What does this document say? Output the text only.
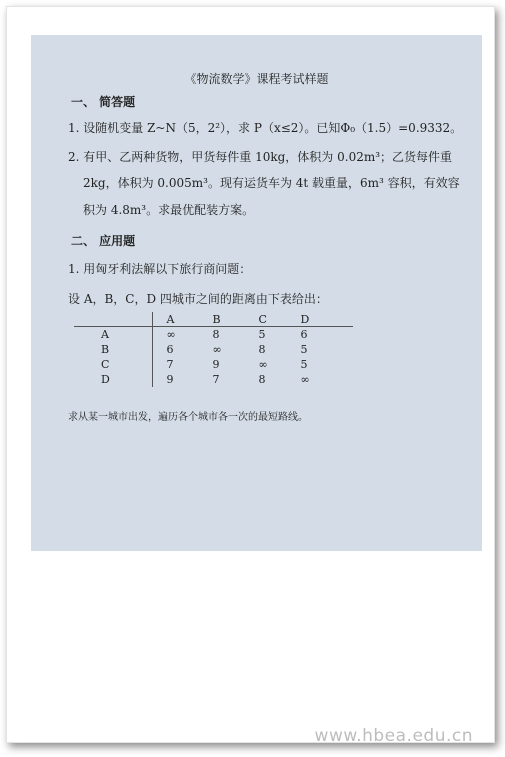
《物流数学》课程考试样题
一、 简答题
1. 设随机变量 Z~N（5，2²），求 P（x≤2）。已知Φ₀（1.5）=0.9332。
2. 有甲、乙两种货物，甲货每件重 10kg，体积为 0.02m³；乙货每件重
2kg，体积为 0.005m³。现有运货车为 4t 载重量，6m³ 容积，有效容
积为 4.8m³。求最优配装方案。
二、 应用题
1. 用匈牙利法解以下旅行商问题：
设 A，B，C，D 四城市之间的距离由下表给出：
	A	B	C	D
A	∞	8	5	6
B	6	∞	8	5
C	7	9	∞	5
D	9	7	8	∞
求从某一城市出发，遍历各个城市各一次的最短路线。
www.hbea.edu.cn
